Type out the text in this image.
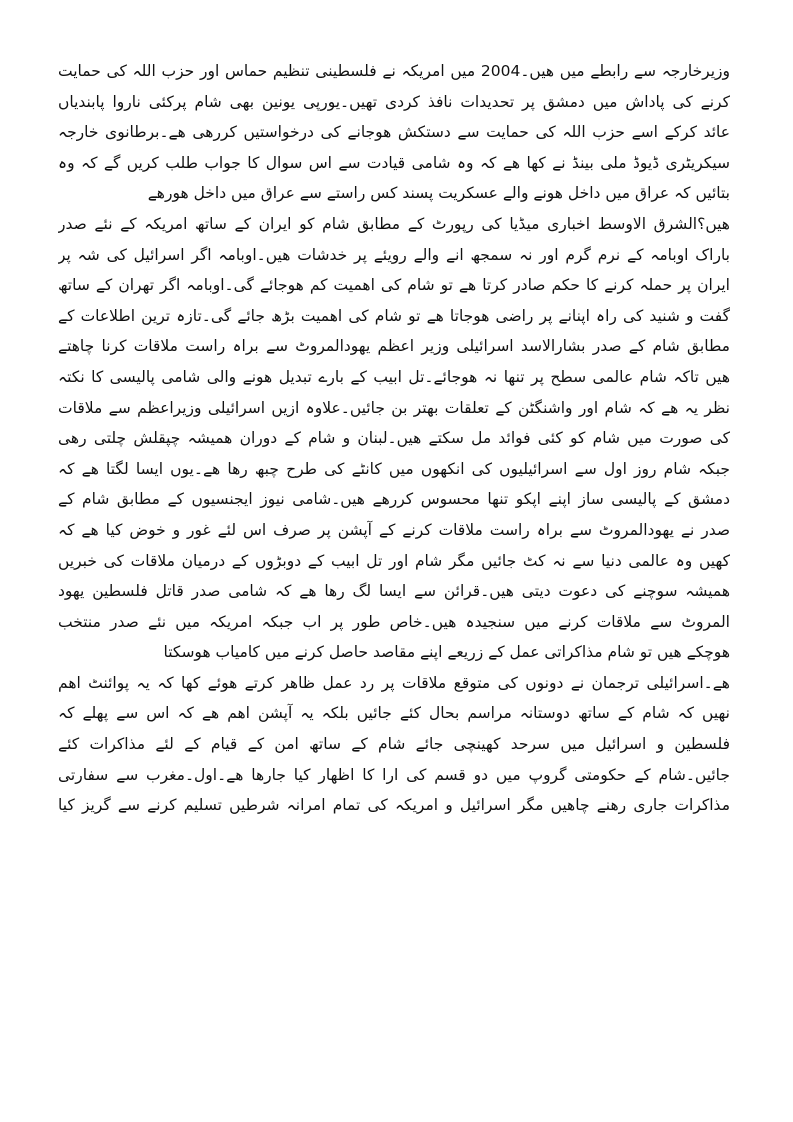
وزیرخارجہ سے رابطے میں ھیں۔2004 میں امریکہ نے فلسطینی تنظیم حماس اور حزب اللہ کی حمایت
کرنے کی پاداش میں دمشق پر تحدیدات نافذ کردی تھیں۔یورپی یونین بھی شام پرکئی ناروا پابندیاں
عائد کرکے اسے حزب اللہ کی حمایت سے دستکش ھوجانے کی درخواستیں کررھی ھے۔برطانوی خارجہ
سیکریٹری ڈیوڈ ملی بینڈ نے کھا ھے کہ وہ شامی قیادت سے اس سوال کا جواب طلب کریں گے کہ وہ
بتائیں کہ عراق میں داخل ھونے والے عسکریت پسند کس راستے سے عراق میں داخل ھورھے
ھیں؟الشرق الاوسط اخباری میڈیا کی رپورٹ کے مطابق شام کو ایران کے ساتھ امریکہ کے نئے صدر
باراک اوبامہ کے نرم گرم اور نہ سمجھ انے والے رویئے پر خدشات ھیں۔اوبامہ اگر اسرائیل کی شہ پر
ایران پر حملہ کرنے کا حکم صادر کرتا ھے تو شام کی اھمیت کم ھوجائے گی۔اوبامہ اگر تھران کے ساتھ
گفت و شنید کی راہ اپنانے پر راضی ھوجاتا ھے تو شام کی اھمیت بڑھ جائے گی۔تازہ ترین اطلاعات کے
مطابق شام کے صدر بشارالاسد اسرائیلی وزیر اعظم یھودالمروٹ سے براہ راست ملاقات کرنا چاھتے
ھیں تاکہ شام عالمی سطح پر تنھا نہ ھوجائے۔تل ابیب کے بارے تبدیل ھونے والی شامی پالیسی کا نکتہ
نظر یہ ھے کہ شام اور واشنگٹن کے تعلقات بھتر بن جائیں۔علاوہ ازیں اسرائیلی وزیراعظم سے ملاقات
کی صورت میں شام کو کئی فوائد مل سکتے ھیں۔لبنان و شام کے دوران ھمیشہ چپقلش چلتی رھی
جبکہ شام روز اول سے اسرائیلیوں کی انکھوں میں کانٹے کی طرح چبھ رھا ھے۔یوں ایسا لگتا ھے کہ
دمشق کے پالیسی ساز اپنے اپکو تنھا محسوس کررھے ھیں۔شامی نیوز ایجنسیوں کے مطابق شام کے
صدر نے یھودالمروٹ سے براہ راست ملاقات کرنے کے آپشن پر صرف اس لئے غور و خوض کیا ھے کہ
کھیں وہ عالمی دنیا سے نہ کٹ جائیں مگر شام اور تل ابیب کے دوبڑوں کے درمیان ملاقات کی خبریں
ھمیشہ سوچنے کی دعوت دیتی ھیں۔قرائن سے ایسا لگ رھا ھے کہ شامی صدر قاتل فلسطین یھود
المروٹ سے ملاقات کرنے میں سنجیدہ ھیں۔خاص طور پر اب جبکہ امریکہ میں نئے صدر منتخب
ھوچکے ھیں تو شام مذاکراتی عمل کے زریعے اپنے مقاصد حاصل کرنے میں کامیاب ھوسکتا
ھے۔اسرائیلی ترجمان نے دونوں کی متوقع ملاقات پر رد عمل ظاھر کرتے ھوئے کھا کہ یہ پوائنٹ اھم
نھیں کہ شام کے ساتھ دوستانہ مراسم بحال کئے جائیں بلکہ یہ آپشن اھم ھے کہ اس سے پھلے کہ
فلسطین و اسرائیل میں سرحد کھینچی جائے شام کے ساتھ امن کے قیام کے لئے مذاکرات کئے
جائیں۔شام کے حکومتی گروپ میں دو قسم کی ارا کا اظھار کیا جارھا ھے۔اول۔مغرب سے سفارتی
مذاکرات جاری رھنے چاھیں مگر اسرائیل و امریکہ کی تمام امرانہ شرطیں تسلیم کرنے سے گریز کیا
